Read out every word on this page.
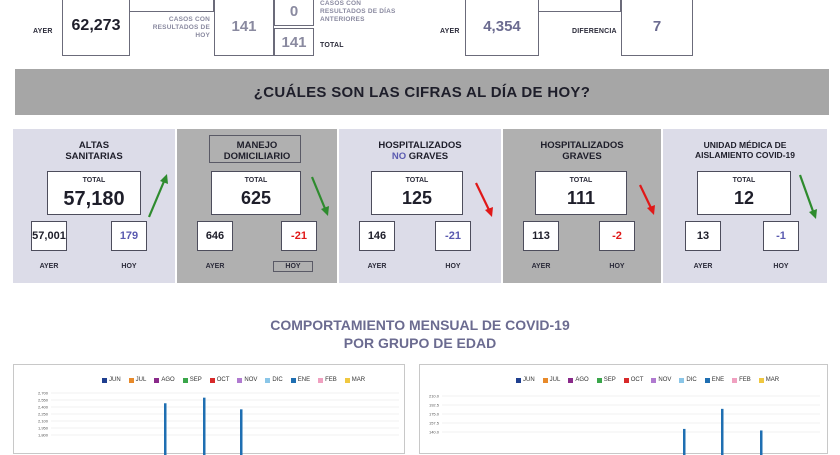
AYER	62,273	CASOS CON RESULTADOS DE HOY
141
0	CASOS CON RESULTADOS DE DÍAS ANTERIORES
141	TOTAL
AYER	4,354	DIFERENCIA	7
¿CUÁLES SON LAS CIFRAS AL DÍA DE HOY?
ALTAS
SANITARIAS
TOTAL
57,180
57,001	179
AYER	HOY
MANEJO
DOMICILIARIO
TOTAL
625
646	-21
AYER	HOY
HOSPITALIZADOS
NO GRAVES
TOTAL
125
146	-21
AYER	HOY
HOSPITALIZADOS
GRAVES
TOTAL
111
113	-2
AYER	HOY
UNIDAD MÉDICA DE
AISLAMIENTO COVID-19
TOTAL
12
13	-1
AYER	HOY
COMPORTAMIENTO MENSUAL DE COVID-19
POR GRUPO DE EDAD
JUN	JUL	AGO	SEP	OCT	NOV	DIC	ENE	FEB	MAR
2,700
2,550
2,400
2,250
2,100
1,950
1,800
JUN	JUL	AGO	SEP	OCT	NOV	DIC	ENE	FEB	MAR
210.0
192.5
175.0
157.5
140.0
